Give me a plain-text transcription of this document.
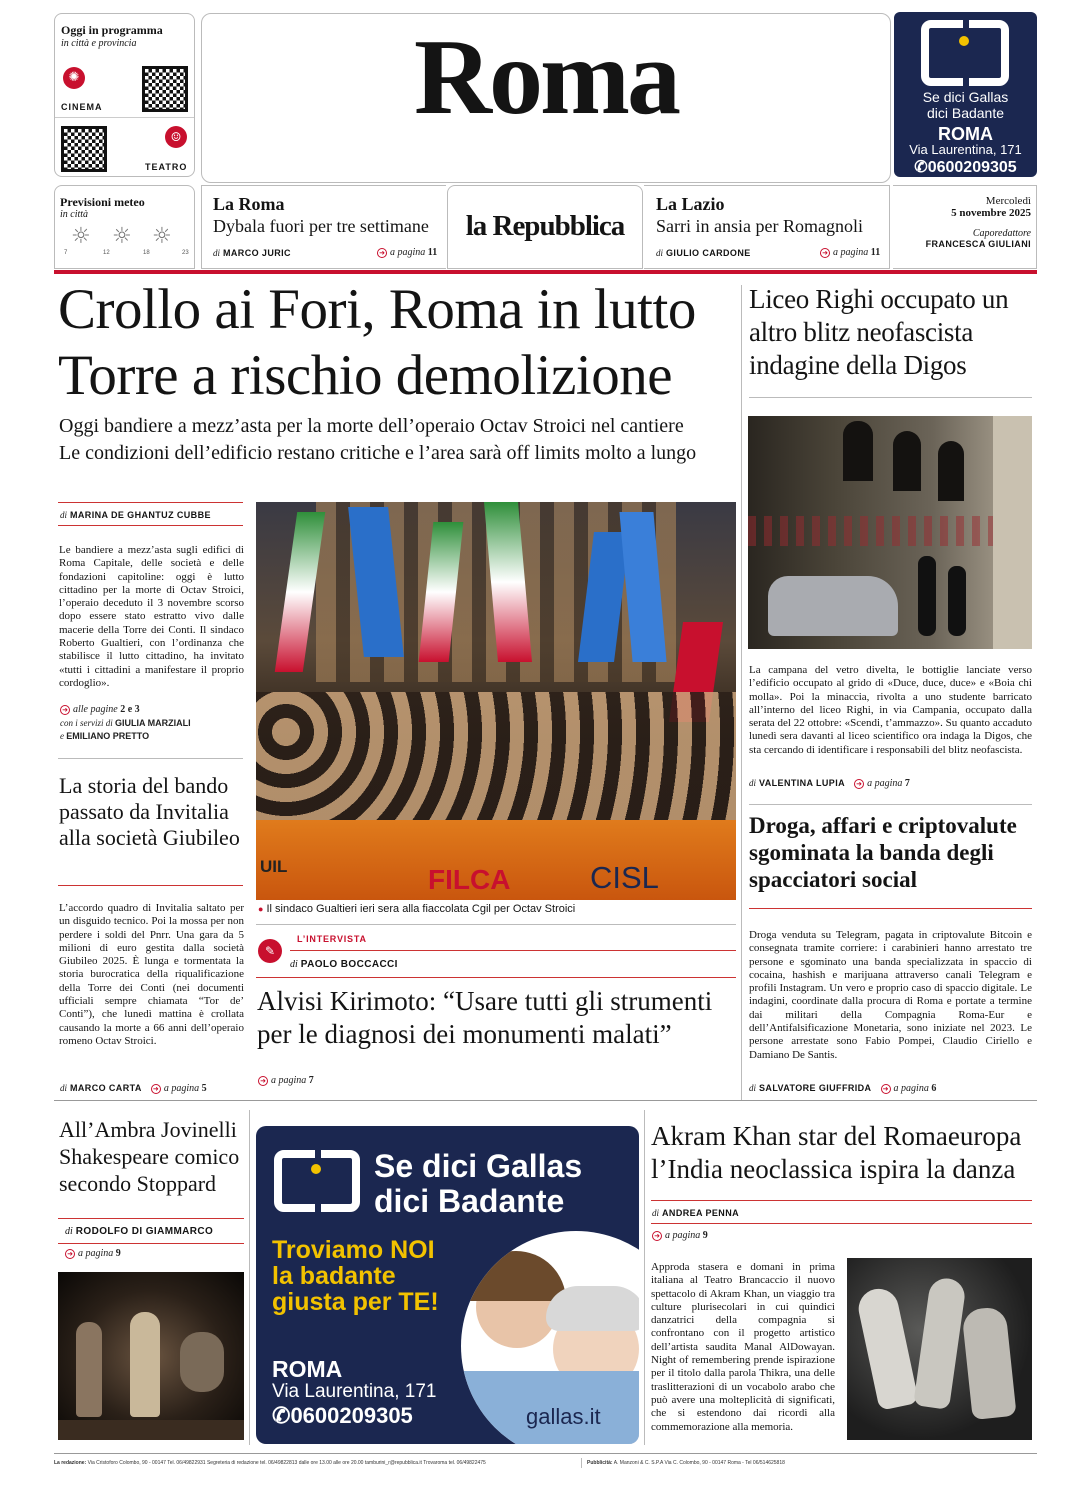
Oggi in programma
in città e provincia
✺
CINEMA
☺
TEATRO
Roma	Se dici Gallas
dici Badante
ROMA
Via Laurentina, 171
✆0600209305
Previsioni meteo
in città
☼ ☼ ☼
7	12	18	23
La Roma
Dybala fuori per tre settimane
di MARCO JURIC	➜ a pagina 11
la Repubblica
La Lazio
Sarri in ansia per Romagnoli
di GIULIO CARDONE	➜ a pagina 11
Mercoledì
5 novembre 2025
Caporedattore
FRANCESCA GIULIANI
Crollo ai Fori, Roma in lutto
Torre a rischio demolizione
Oggi bandiere a mezz’asta per la morte dell’operaio Octav Stroici nel cantiere
Le condizioni dell’edificio restano critiche e l’area sarà off limits molto a lungo
di MARINA DE GHANTUZ CUBBE
Le bandiere a mezz’asta sugli edifici di Roma Capitale, delle società e delle fondazioni capitoline: oggi è lutto cittadino per la morte di Octav Stroici, l’operaio deceduto il 3 novembre scorso dopo essere stato estratto vivo dalle macerie della Torre dei Conti. Il sindaco Roberto Gualtieri, con l’ordinanza che stabilisce il lutto cittadino, ha invitato «tutti i cittadini a manifestare il proprio cordoglio».
➜ alle pagine 2 e 3
con i servizi di GIULIA MARZIALI
e EMILIANO PRETTO
La storia del bando passato da Invitalia alla società Giubileo
L’accordo quadro di Invitalia saltato per un disguido tecnico. Poi la mossa per non perdere i soldi del Pnrr. Una gara da 5 milioni di euro gestita dalla società Giubileo 2025. È lunga e tormentata la storia burocratica della riqualificazione della Torre dei Conti (nei documenti ufficiali sempre chiamata “Tor de’ Conti”), che lunedì mattina è crollata causando la morte a 66 anni dell’operaio romeno Octav Stroici.
di MARCO CARTA ➜ a pagina 5
UIL	FILCA	CISL
● Il sindaco Gualtieri ieri sera alla fiaccolata Cgil per Octav Stroici
✎
L’INTERVISTA
di PAOLO BOCCACCI
Alvisi Kirimoto: “Usare tutti gli strumenti per le diagnosi dei monumenti malati”
➜ a pagina 7
Liceo Righi occupato un altro blitz neofascista indagine della Digos
La campana del vetro divelta, le bottiglie lanciate verso l’edificio occupato al grido di «Duce, duce, duce» e «Boia chi molla». Poi la minaccia, rivolta a uno studente barricato all’interno del liceo Righi, in via Campania, occupato dalla serata del 22 ottobre: «Scendi, t’ammazzo». Su quanto accaduto lunedì sera davanti al liceo scientifico ora indaga la Digos, che sta cercando di identificare i responsabili del blitz neofascista.
di VALENTINA LUPIA ➜ a pagina 7
Droga, affari e criptovalute sgominata la banda degli spacciatori social
Droga venduta su Telegram, pagata in criptovalute Bitcoin e consegnata tramite corriere: i carabinieri hanno arrestato tre persone e sgominato una banda specializzata in spaccio di cocaina, hashish e marijuana attraverso canali Telegram e profili Instagram. Un vero e proprio caso di spaccio digitale. Le indagini, coordinate dalla procura di Roma e portate a termine dai militari della Compagnia Roma-Eur e dell’Antifalsificazione Monetaria, sono iniziate nel 2023. Le persone arrestate sono Fabio Pompei, Claudio Ciriello e Damiano De Santis.
di SALVATORE GIUFFRIDA ➜ a pagina 6
All’Ambra Jovinelli Shakespeare comico secondo Stoppard
di RODOLFO DI GIAMMARCO
➜ a pagina 9
Se dici Gallas
dici Badante
Troviamo NOI
la badante
giusta per TE!
gallas.it
ROMA
Via Laurentina, 171
✆0600209305
Akram Khan star del Romaeuropa l’India neoclassica ispira la danza
di ANDREA PENNA
➜ a pagina 9
Approda stasera e domani in prima italiana al Teatro Brancaccio il nuovo spettacolo di Akram Khan, un viaggio tra culture plurisecolari in cui quindici danzatrici della compagnia si confrontano con il progetto artistico dell’artista saudita Manal AlDowayan. Night of remembering prende ispirazione per il titolo dalla parola Thikra, una delle traslitterazioni di un vocabolo arabo che può avere una molteplicità di significati, che si estendono dai ricordi alla commemorazione alla memoria.
La redazione: Via Cristoforo Colombo, 90 - 00147 Tel. 06/49822931 Segreteria di redazione tel. 06/49822813 dalle ore 13.00 alle ore 20.00 tamburini_r@repubblica.it Trovaroma tel. 06/49822475	Pubblicità: A. Manzoni & C. S.P.A Via C. Colombo, 90 - 00147 Roma - Tel 06/514625818
